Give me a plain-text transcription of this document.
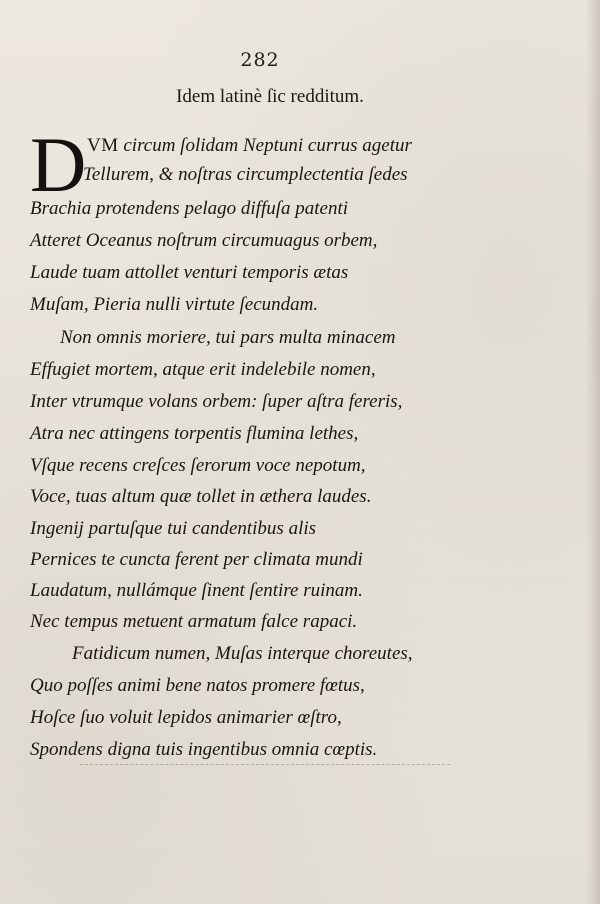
282
Idem latinè ſic redditum.
D VM circum ſolidam Neptuni currus agetur
Tellurem, & noſtras circumplectentia ſedes
Brachia protendens pelago diffuſa patenti
Atteret Oceanus noſtrum circumuagus orbem,
Laude tuam attollet venturi temporis ætas
Muſam, Pieria nulli virtute ſecundam.
Non omnis moriere, tui pars multa minacem
Effugiet mortem, atque erit indelebile nomen,
Inter vtrumque volans orbem: ſuper aſtra fereris,
Atra nec attingens torpentis flumina lethes,
Vſque recens creſces ſerorum voce nepotum,
Voce, tuas altum quæ tollet in æthera laudes.
Ingenij partuſque tui candentibus alis
Pernices te cuncta ferent per climata mundi
Laudatum, nullámque ſinent ſentire ruinam.
Nec tempus metuent armatum falce rapaci.
Fatidicum numen, Muſas interque choreutes,
Quo poſſes animi bene natos promere fœtus,
Hoſce ſuo voluit lepidos animarier œſtro,
Spondens digna tuis ingentibus omnia cœptis.
